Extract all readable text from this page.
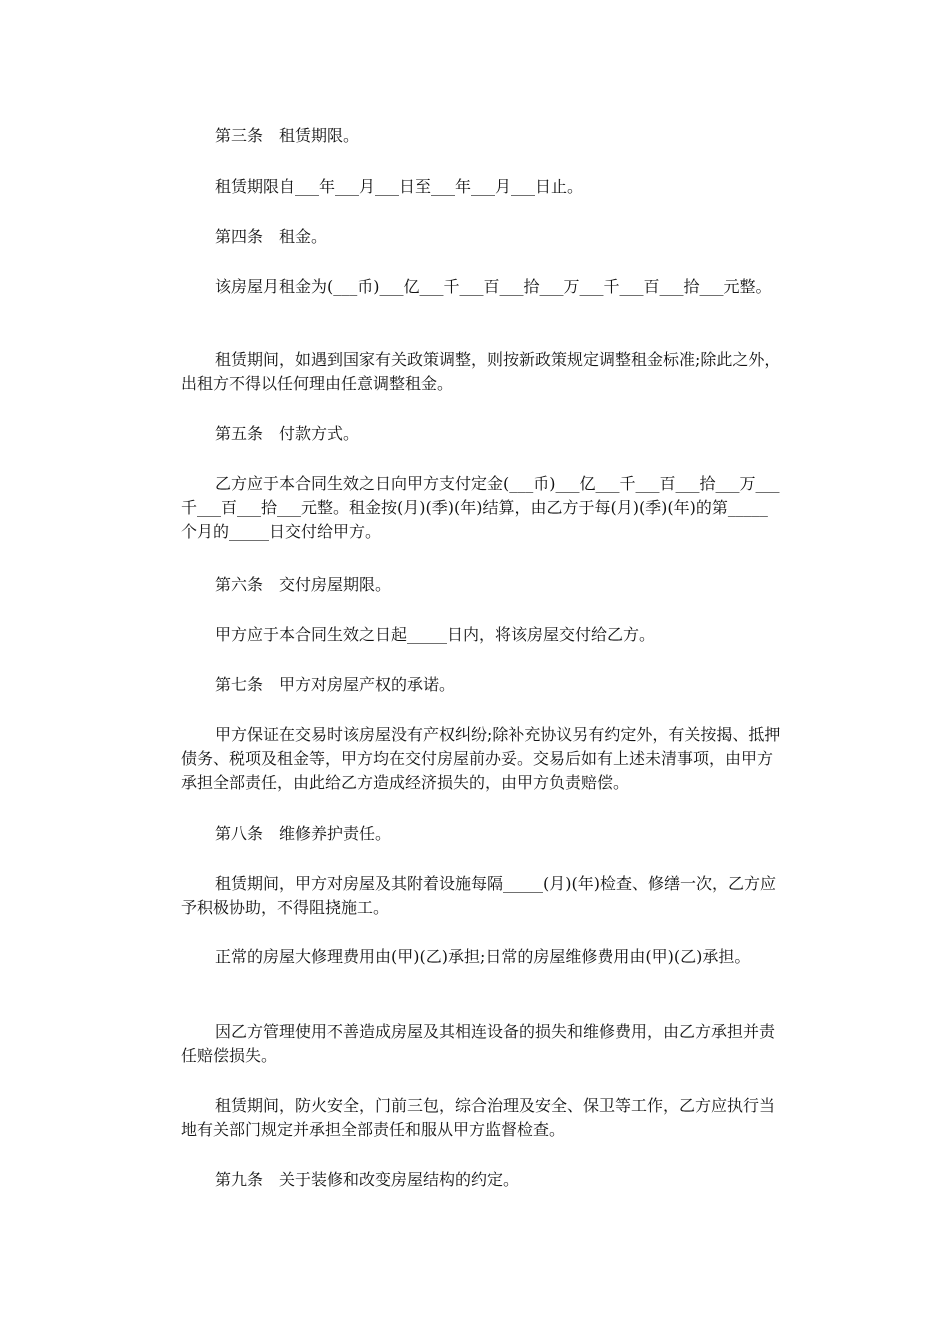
第三条　租赁期限。

租赁期限自___年___月___日至___年___月___日止。

第四条　租金。

该房屋月租金为(___币)___亿___千___百___拾___万___千___百___拾___元整。

租赁期间，如遇到国家有关政策调整，则按新政策规定调整租金标准;除此之外，出租方不得以任何理由任意调整租金。

第五条　付款方式。

乙方应于本合同生效之日向甲方支付定金(___币)___亿___千___百___拾___万___千___百___拾___元整。租金按(月)(季)(年)结算，由乙方于每(月)(季)(年)的第_____个月的_____日交付给甲方。

第六条　交付房屋期限。

甲方应于本合同生效之日起_____日内，将该房屋交付给乙方。

第七条　甲方对房屋产权的承诺。

甲方保证在交易时该房屋没有产权纠纷;除补充协议另有约定外，有关按揭、抵押债务、税项及租金等，甲方均在交付房屋前办妥。交易后如有上述未清事项，由甲方承担全部责任，由此给乙方造成经济损失的，由甲方负责赔偿。

第八条　维修养护责任。

租赁期间，甲方对房屋及其附着设施每隔_____(月)(年)检查、修缮一次，乙方应予积极协助，不得阻挠施工。

正常的房屋大修理费用由(甲)(乙)承担;日常的房屋维修费用由(甲)(乙)承担。

因乙方管理使用不善造成房屋及其相连设备的损失和维修费用，由乙方承担并责任赔偿损失。

租赁期间，防火安全，门前三包，综合治理及安全、保卫等工作，乙方应执行当地有关部门规定并承担全部责任和服从甲方监督检查。

第九条　关于装修和改变房屋结构的约定。
